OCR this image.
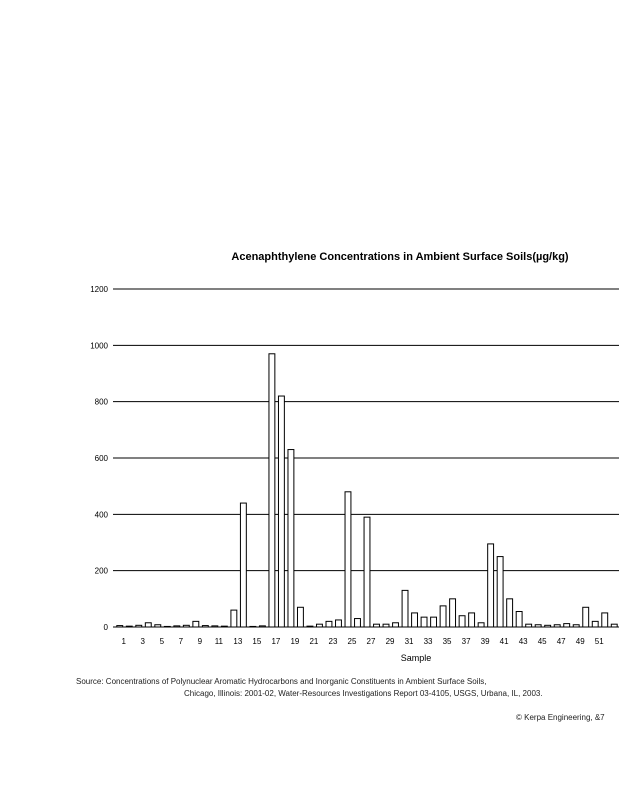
Acenaphthylene Concentrations in Ambient Surface Soils(µg/kg)
0
200
400
600
800
1000
1200
1 3 5 7 9 11 13 15 17 19 21 23 25 27 29 31 33 35 37 39 41 43 45 47 49 51
Sample
Source: Concentrations of Polynuclear Aromatic Hydrocarbons and Inorganic Constituents in Ambient Surface Soils,
Chicago, Illinois: 2001-02, Water-Resources Investigations Report 03-4105, USGS, Urbana, IL, 2003.
© Kerpa Engineering, &7
